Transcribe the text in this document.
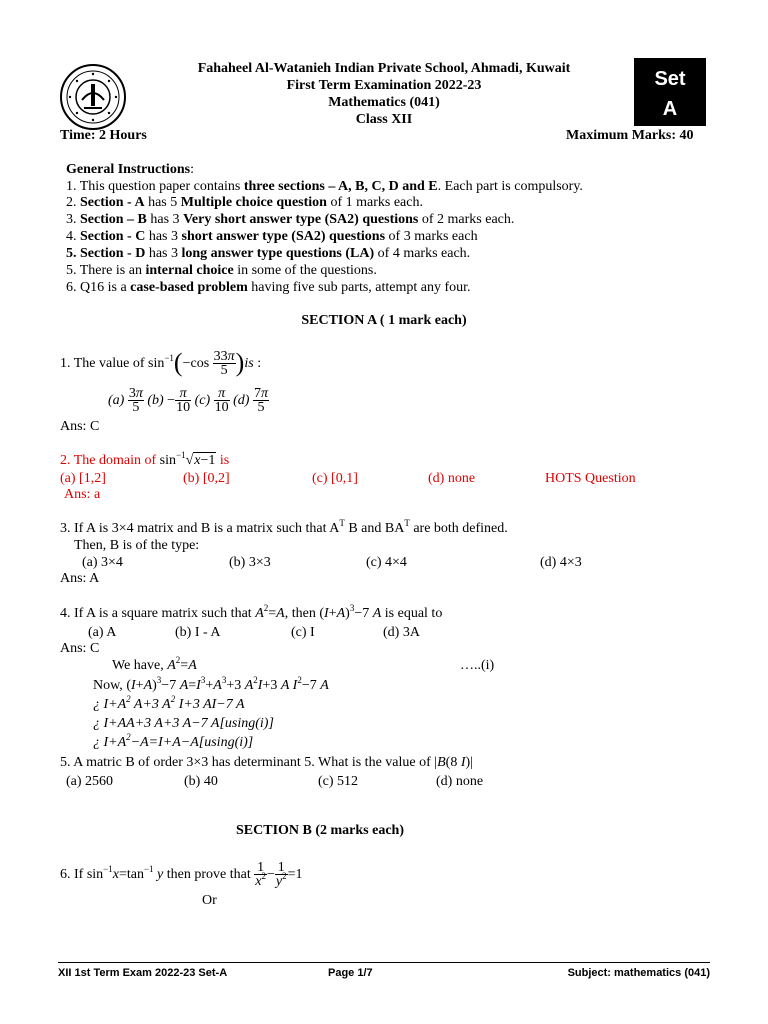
Fahaheel Al-Watanieh Indian Private School, Ahmadi, Kuwait
First Term Examination 2022-23
Mathematics (041)
Class XII
Set
A
Time: 2 Hours	Maximum Marks: 40
General Instructions:
1. This question paper contains three sections – A, B, C, D and E. Each part is compulsory.
2. Section - A has 5 Multiple choice question of 1 marks each.
3. Section – B has 3 Very short answer type (SA2) questions of 2 marks each.
4. Section - C has 3 short answer type (SA2) questions of 3 marks each
5. Section - D has 3 long answer type questions (LA) of 4 marks each.
5. There is an internal choice in some of the questions.
6. Q16 is a case-based problem having five sub parts, attempt any four.
SECTION A ( 1 mark each)
1. The value of $\sin^{-1}(-\cos \frac{33\pi}{5} )is$ :
$(a) \frac{3\pi}{5} (b) - \frac{\pi}{10} (c) \frac{\pi}{10} (d) \frac{7\pi}{5}$
Ans: C
2. The domain of $\sin^{-1}√x-1$ is
(a) [1,2]	(b) [0,2]	(c) [0,1]	(d) none	HOTS Question
Ans: a
3. If A is 3×4 matrix and B is a matrix such that $A^T$ B and $BA^T$ are both defined.
Then, B is of the type:
(a) 3×4	(b) 3×3	(c) 4×4	(d) 4×3
Ans: A
4. If A is a square matrix such that $A^2=A$, then $(I+A)^3-7$ A is equal to
(a) A	(b) I - A	(c) I	(d) 3A
Ans: C
We have, $A^2=A$	…..(i)
Now, $(I+A)^3-7$ $A=I^3+A^3+3$ $A^2I+3$ A $I^2-7$ A
¿ $I+A^2$ A+3 $A^2$ I+3 AI−7 A
¿ I+AA+3 A+3 A−7 A[using(i)]
¿ $I+A^2-A=I+A-A[using(i)]$
5. A matric B of order 3×3 has determinant 5. What is the value of |B(8 I)|
(a) 2560	(b) 40	(c) 512	(d) none
SECTION B (2 marks each)
6. If $\sin^{-1}x=\tan^{-1}$ y then prove that $\frac{1}{x^2} - \frac{1}{y^2} =1$
Or
XII 1st Term Exam 2022-23 Set-A	Page 1/7	Subject: mathematics (041)
